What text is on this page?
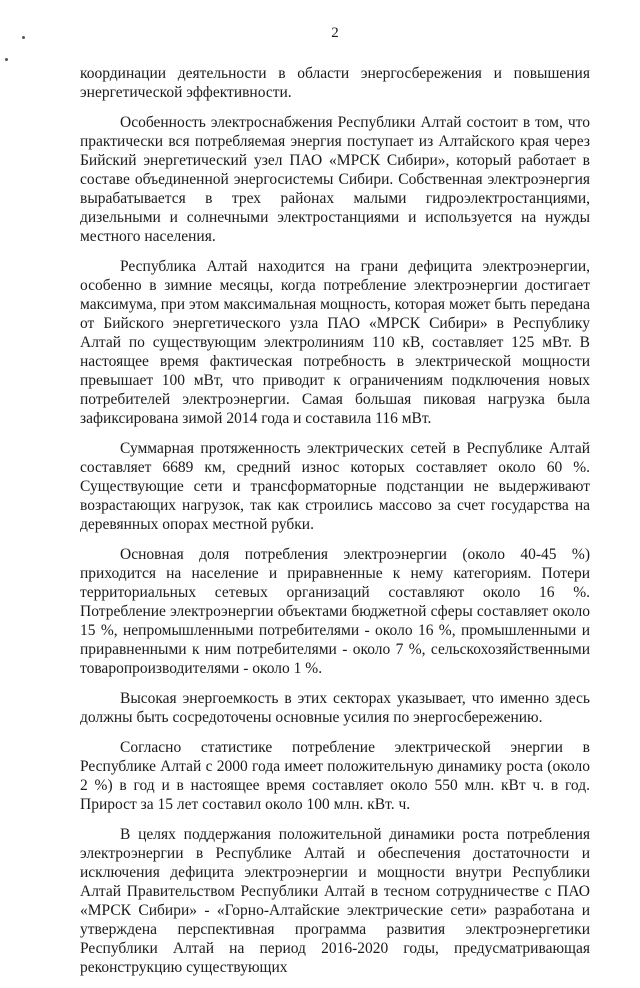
2

координации деятельности в области энергосбережения и повышения энергетической эффективности.

Особенность электроснабжения Республики Алтай состоит в том, что практически вся потребляемая энергия поступает из Алтайского края через Бийский энергетический узел ПАО «МРСК Сибири», который работает в составе объединенной энергосистемы Сибири. Собственная электроэнергия вырабатывается в трех районах малыми гидроэлектростанциями, дизельными и солнечными электростанциями и используется на нужды местного населения.

Республика Алтай находится на грани дефицита электроэнергии, особенно в зимние месяцы, когда потребление электроэнергии достигает максимума, при этом максимальная мощность, которая может быть передана от Бийского энергетического узла ПАО «МРСК Сибири» в Республику Алтай по существующим электролиниям 110 кВ, составляет 125 мВт. В настоящее время фактическая потребность в электрической мощности превышает 100 мВт, что приводит к ограничениям подключения новых потребителей электроэнергии. Самая большая пиковая нагрузка была зафиксирована зимой 2014 года и составила 116 мВт.

Суммарная протяженность электрических сетей в Республике Алтай составляет 6689 км, средний износ которых составляет около 60 %. Существующие сети и трансформаторные подстанции не выдерживают возрастающих нагрузок, так как строились массово за счет государства на деревянных опорах местной рубки.

Основная доля потребления электроэнергии (около 40-45 %) приходится на население и приравненные к нему категориям. Потери территориальных сетевых организаций составляют около 16 %. Потребление электроэнергии объектами бюджетной сферы составляет около 15 %, непромышленными потребителями - около 16 %, промышленными и приравненными к ним потребителями - около 7 %, сельскохозяйственными товаропроизводителями - около 1 %.

Высокая энергоемкость в этих секторах указывает, что именно здесь должны быть сосредоточены основные усилия по энергосбережению.

Согласно статистике потребление электрической энергии в Республике Алтай с 2000 года имеет положительную динамику роста (около 2 %) в год и в настоящее время составляет около 550 млн. кВт ч. в год. Прирост за 15 лет составил около 100 млн. кВт. ч.

В целях поддержания положительной динамики роста потребления электроэнергии в Республике Алтай и обеспечения достаточности и исключения дефицита электроэнергии и мощности внутри Республики Алтай Правительством Республики Алтай в тесном сотрудничестве с ПАО «МРСК Сибири» - «Горно-Алтайские электрические сети» разработана и утверждена перспективная программа развития электроэнергетики Республики Алтай на период 2016-2020 годы, предусматривающая реконструкцию существующих
